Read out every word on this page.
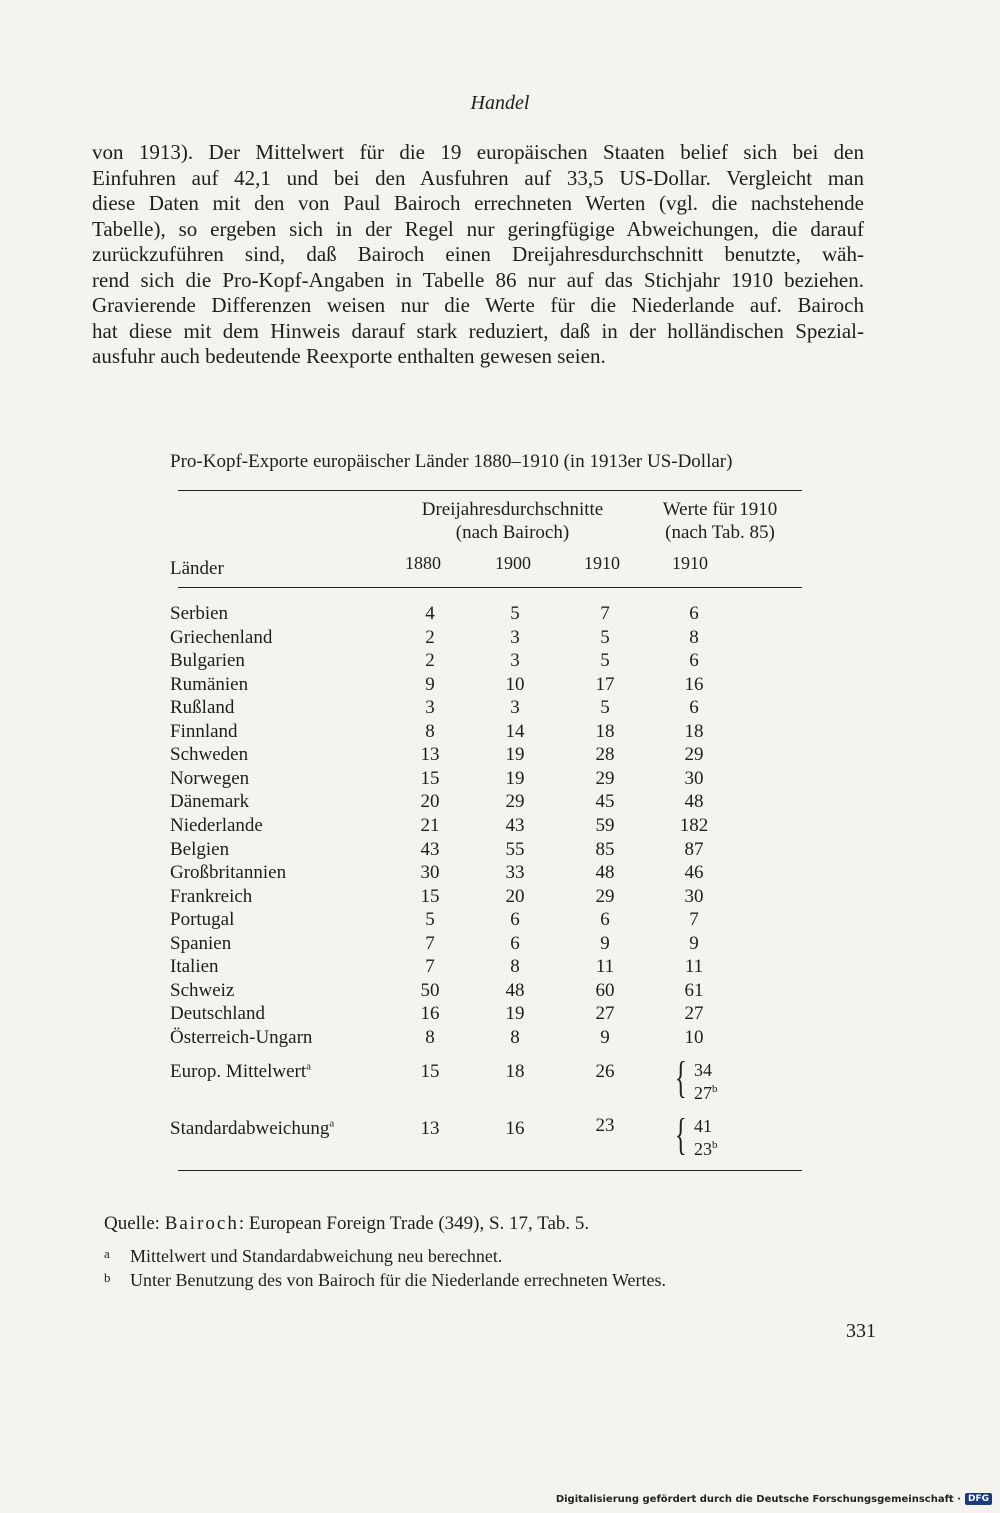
Handel

von 1913). Der Mittelwert für die 19 europäischen Staaten belief sich bei den
Einfuhren auf 42,1 und bei den Ausfuhren auf 33,5 US-Dollar. Vergleicht man
diese Daten mit den von Paul Bairoch errechneten Werten (vgl. die nachstehende
Tabelle), so ergeben sich in der Regel nur geringfügige Abweichungen, die darauf
zurückzuführen sind, daß Bairoch einen Dreijahresdurchschnitt benutzte, wäh-
rend sich die Pro-Kopf-Angaben in Tabelle 86 nur auf das Stichjahr 1910 beziehen.
Gravierende Differenzen weisen nur die Werte für die Niederlande auf. Bairoch
hat diese mit dem Hinweis darauf stark reduziert, daß in der holländischen Spezial-
ausfuhr auch bedeutende Reexporte enthalten gewesen seien.

Pro-Kopf-Exporte europäischer Länder 1880–1910 (in 1913er US-Dollar)
Dreijahresdurchschnitte
(nach Bairoch)
Werte für 1910
(nach Tab. 85)
Länder	1880	1900	1910	1910
Serbien	4	5	7	6
Griechenland	2	3	5	8
Bulgarien	2	3	5	6
Rumänien	9	10	17	16
Rußland	3	3	5	6
Finnland	8	14	18	18
Schweden	13	19	28	29
Norwegen	15	19	29	30
Dänemark	20	29	45	48
Niederlande	21	43	59	182
Belgien	43	55	85	87
Großbritannien	30	33	48	46
Frankreich	15	20	29	30
Portugal	5	6	6	7
Spanien	7	6	9	9
Italien	7	8	11	11
Schweiz	50	48	60	61
Deutschland	16	19	27	27
Österreich-Ungarn	8	8	9	10
Europ. Mittelwert$^a$	15	18	26	{ 34
27$^b$
Standardabweichung$^a$	13	16	23	{ 41
23$^b$
Quelle: Bairoch: European Foreign Trade (349), S. 17, Tab. 5.
a Mittelwert und Standardabweichung neu berechnet.
b Unter Benutzung des von Bairoch für die Niederlande errechneten Wertes.
331
Digitalisierung gefördert durch die Deutsche Forschungsgemeinschaft · DFG
